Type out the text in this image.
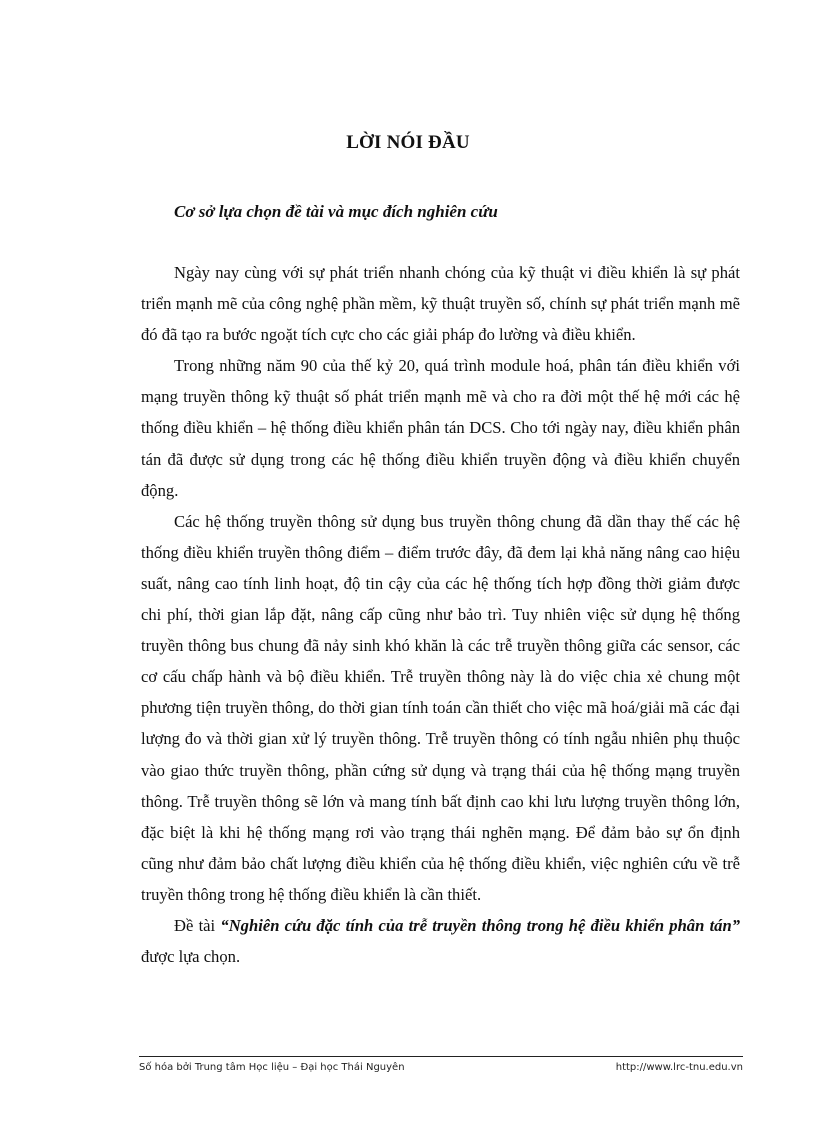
LỜI NÓI ĐẦU
Cơ sở lựa chọn đề tài và mục đích nghiên cứu

Ngày nay cùng với sự phát triển nhanh chóng của kỹ thuật vi điều khiển là sự phát triển mạnh mẽ của công nghệ phần mềm, kỹ thuật truyền số, chính sự phát triển mạnh mẽ đó đã tạo ra bước ngoặt tích cực cho các giải pháp đo lường và điều khiển.

Trong những năm 90 của thế kỷ 20, quá trình module hoá, phân tán điều khiển với mạng truyền thông kỹ thuật số phát triển mạnh mẽ và cho ra đời một thế hệ mới các hệ thống điều khiển – hệ thống điều khiển phân tán DCS. Cho tới ngày nay, điều khiển phân tán đã được sử dụng trong các hệ thống điều khiển truyền động và điều khiển chuyển động.

Các hệ thống truyền thông sử dụng bus truyền thông chung đã dần thay thế các hệ thống điều khiển truyền thông điểm – điểm trước đây, đã đem lại khả năng nâng cao hiệu suất, nâng cao tính linh hoạt, độ tin cậy của các hệ thống tích hợp đồng thời giảm được chi phí, thời gian lắp đặt, nâng cấp cũng như bảo trì. Tuy nhiên việc sử dụng hệ thống truyền thông bus chung đã nảy sinh khó khăn là các trễ truyền thông giữa các sensor, các cơ cấu chấp hành và bộ điều khiển. Trễ truyền thông này là do việc chia xẻ chung một phương tiện truyền thông, do thời gian tính toán cần thiết cho việc mã hoá/giải mã các đại lượng đo và thời gian xử lý truyền thông. Trễ truyền thông có tính ngẫu nhiên phụ thuộc vào giao thức truyền thông, phần cứng sử dụng và trạng thái của hệ thống mạng truyền thông. Trễ truyền thông sẽ lớn và mang tính bất định cao khi lưu lượng truyền thông lớn, đặc biệt là khi hệ thống mạng rơi vào trạng thái nghẽn mạng. Để đảm bảo sự ổn định cũng như đảm bảo chất lượng điều khiển của hệ thống điều khiển, việc nghiên cứu về trễ truyền thông trong hệ thống điều khiển là cần thiết.

Đề tài “Nghiên cứu đặc tính của trễ truyền thông trong hệ điều khiển phân tán” được lựa chọn.

Số hóa bởi Trung tâm Học liệu – Đại học Thái Nguyên	http://www.lrc-tnu.edu.vn
